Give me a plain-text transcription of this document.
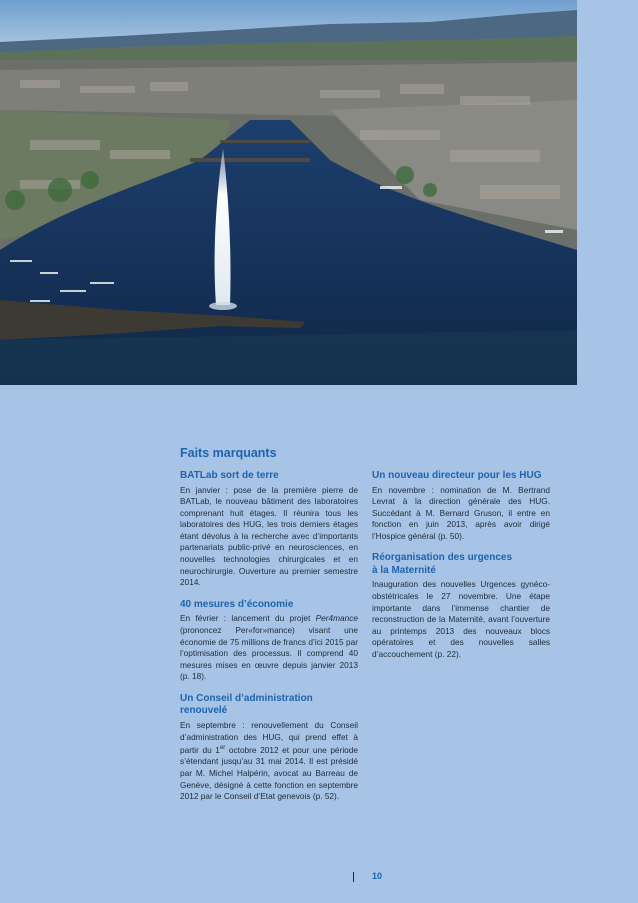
Faits marquants
BATLab sort de terre

En janvier : pose de la première pierre de BATLab, le nouveau bâtiment des laboratoires comprenant huit étages. Il réunira tous les laboratoires des HUG, les trois derniers étages étant dévolus à la recherche avec d’importants partenariats public-privé en neurosciences, en nouvelles technologies chirurgicales et en neurochirurgie. Ouverture au premier semestre 2014.

40 mesures d’économie

En février : lancement du projet Per4mance (prononcez Per«for»mance) visant une économie de 75 millions de francs d’ici 2015 par l’optimisation des processus. Il comprend 40 mesures mises en œuvre depuis janvier 2013 (p. 18).

Un Conseil d’administration
renouvelé

En septembre : renouvellement du Conseil d’administration des HUG, qui prend effet à partir du 1er octobre 2012 et pour une période s’étendant jusqu’au 31 mai 2014. Il est présidé par M. Michel Halpérin, avocat au Barreau de Genève, désigné à cette fonction en septembre 2012 par le Conseil d’Etat genevois (p. 52).

Un nouveau directeur pour les HUG

En novembre : nomination de M. Bertrand Levrat à la direction générale des HUG. Succédant à M. Bernard Gruson, il entre en fonction en juin 2013, après avoir dirigé l’Hospice général (p. 50).

Réorganisation des urgences
à la Maternité

Inauguration des nouvelles Urgences gynéco-obstétricales le 27 novembre. Une étape importante dans l’immense chantier de reconstruction de la Maternité, avant l’ouverture au printemps 2013 des nouveaux blocs opératoires et des nouvelles salles d’accouchement (p. 22).

10
